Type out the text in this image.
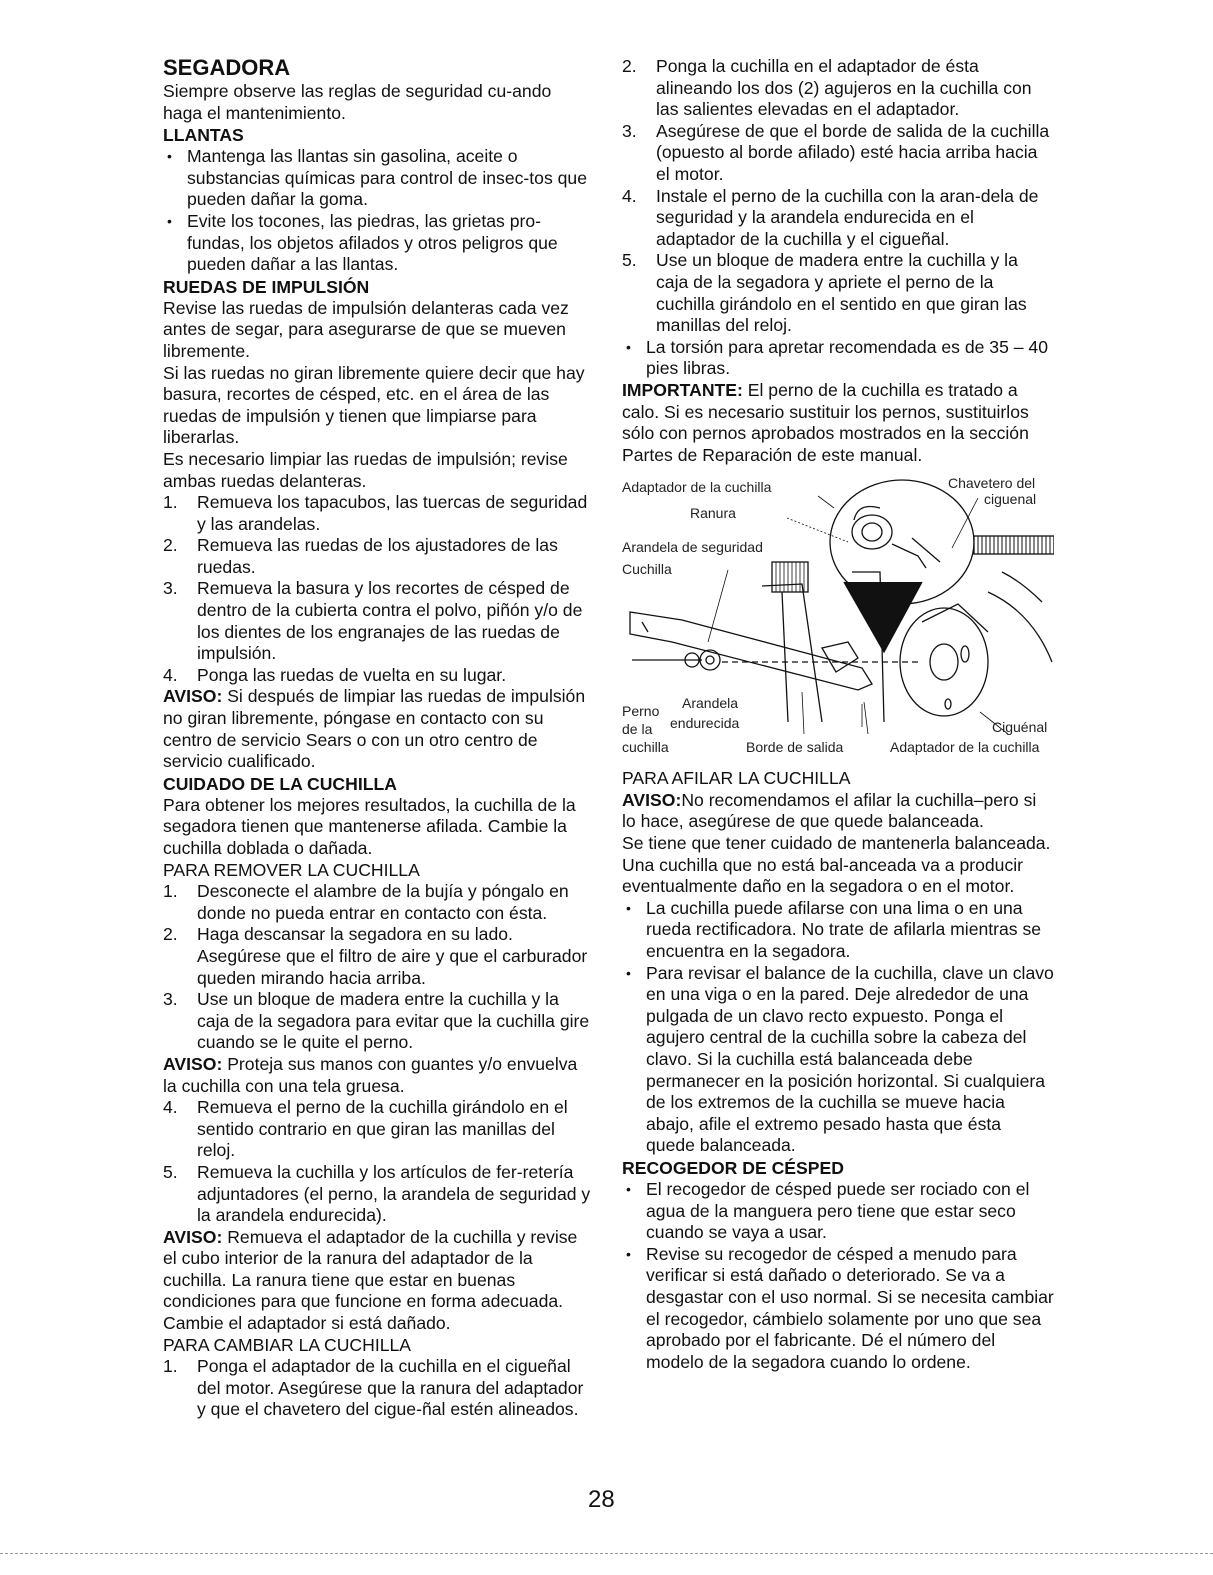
SEGADORA

Siempre observe las reglas de seguridad cu-ando haga el mantenimiento.

LLANTAS
• Mantenga las llantas sin gasolina, aceite o substancias químicas para control de insec-tos que pueden dañar la goma.
• Evite los tocones, las piedras, las grietas pro-fundas, los objetos afilados y otros peligros que pueden dañar a las llantas.
RUEDAS DE IMPULSIÓN

Revise las ruedas de impulsión delanteras cada vez antes de segar, para asegurarse de que se mueven libremente.

Si las ruedas no giran libremente quiere decir que hay basura, recortes de césped, etc. en el área de las ruedas de impulsión y tienen que limpiarse para liberarlas.

Es necesario limpiar las ruedas de impulsión; revise ambas ruedas delanteras.

1. Remueva los tapacubos, las tuercas de seguridad y las arandelas.
2. Remueva las ruedas de los ajustadores de las ruedas.
3. Remueva la basura y los recortes de césped de dentro de la cubierta contra el polvo, piñón y/o de los dientes de los engranajes de las ruedas de impulsión.
4. Ponga las ruedas de vuelta en su lugar.

AVISO: Si después de limpiar las ruedas de impulsión no giran libremente, póngase en contacto con su centro de servicio Sears o con un otro centro de servicio cualificado.

CUIDADO DE LA CUCHILLA

Para obtener los mejores resultados, la cuchilla de la segadora tienen que mantenerse afilada. Cambie la cuchilla doblada o dañada.

PARA REMOVER LA CUCHILLA
1. Desconecte el alambre de la bujía y póngalo en donde no pueda entrar en contacto con ésta.
2. Haga descansar la segadora en su lado. Asegúrese que el filtro de aire y que el carburador queden mirando hacia arriba.
3. Use un bloque de madera entre la cuchilla y la caja de la segadora para evitar que la cuchilla gire cuando se le quite el perno.

AVISO: Proteja sus manos con guantes y/o envuelva la cuchilla con una tela gruesa.

4. Remueva el perno de la cuchilla girándolo en el sentido contrario en que giran las manillas del reloj.
5. Remueva la cuchilla y los artículos de fer-retería adjuntadores (el perno, la arandela de seguridad y la arandela endurecida).

AVISO: Remueva el adaptador de la cuchilla y revise el cubo interior de la ranura del adaptador de la cuchilla. La ranura tiene que estar en buenas condiciones para que funcione en forma adecuada. Cambie el adaptador si está dañado.

PARA CAMBIAR LA CUCHILLA
1. Ponga el adaptador de la cuchilla en el cigueñal del motor. Asegúrese que la ranura del adaptador y que el chavetero del cigue-ñal estén alineados.
2. Ponga la cuchilla en el adaptador de ésta alineando los dos (2) agujeros en la cuchilla con las salientes elevadas en el adaptador.
3. Asegúrese de que el borde de salida de la cuchilla (opuesto al borde afilado) esté hacia arriba hacia el motor.
4. Instale el perno de la cuchilla con la aran-dela de seguridad y la arandela endurecida en el adaptador de la cuchilla y el cigueñal.
5. Use un bloque de madera entre la cuchilla y la caja de la segadora y apriete el perno de la cuchilla girándolo en el sentido en que giran las manillas del reloj.
• La torsión para apretar recomendada es de 35 – 40 pies libras.

IMPORTANTE: El perno de la cuchilla es tratado a calo. Si es necesario sustituir los pernos, sustituirlos sólo con pernos aprobados mostrados en la sección Partes de Reparación de este manual.

Adaptador de la cuchilla
Ranura
Arandela de seguridad
Cuchilla
Chavetero del
ciguenal
Perno
de la
cuchilla
Arandela
endurecida
Borde de salida	Adaptador de la cuchilla
Ciguénal
PARA AFILAR LA CUCHILLA

AVISO:No recomendamos el afilar la cuchilla–pero si lo hace, asegúrese de que quede balanceada.

Se tiene que tener cuidado de mantenerla balanceada. Una cuchilla que no está bal-anceada va a producir eventualmente daño en la segadora o en el motor.

• La cuchilla puede afilarse con una lima o en una rueda rectificadora. No trate de afilarla mientras se encuentra en la segadora.
• Para revisar el balance de la cuchilla, clave un clavo en una viga o en la pared. Deje alrededor de una pulgada de un clavo recto expuesto. Ponga el agujero central de la cuchilla sobre la cabeza del clavo. Si la cuchilla está balanceada debe permanecer en la posición horizontal. Si cualquiera de los extremos de la cuchilla se mueve hacia abajo, afile el extremo pesado hasta que ésta quede balanceada.
RECOGEDOR DE CÉSPED
• El recogedor de césped puede ser rociado con el agua de la manguera pero tiene que estar seco cuando se vaya a usar.
• Revise su recogedor de césped a menudo para verificar si está dañado o deteriorado. Se va a desgastar con el uso normal. Si se necesita cambiar el recogedor, cámbielo solamente por uno que sea aprobado por el fabricante. Dé el número del modelo de la segadora cuando lo ordene.
28
